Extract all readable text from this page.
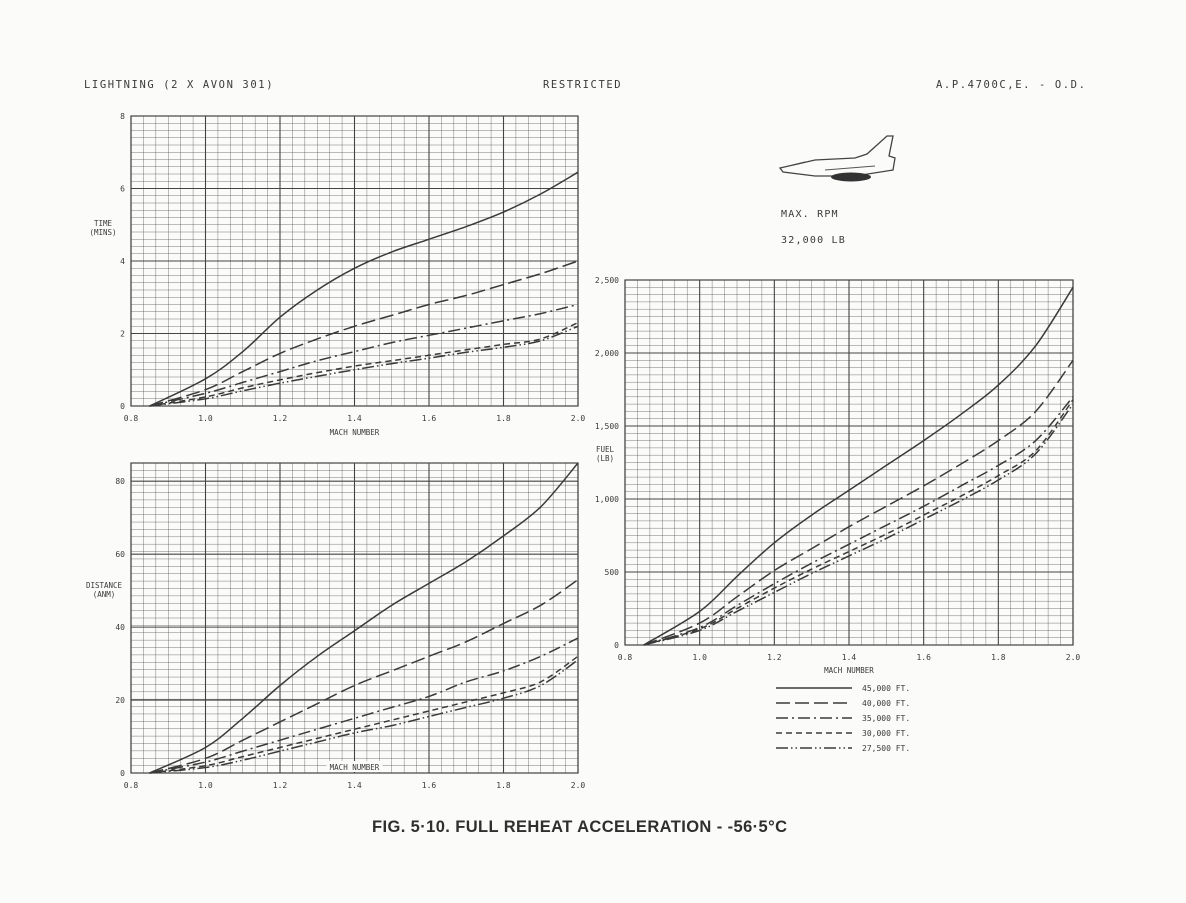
LIGHTNING (2 X AVON 301)	RESTRICTED	A.P.4700C,E. - O.D.
MAX. RPM
32,000 LB
0
2
4
6
8
0.8	1.0	1.2	1.4	1.6	1.8	2.0
MACH NUMBER
TIME (MINS)
0
20
40
60
80
0.8	1.0	1.2	1.4	1.6	1.8	2.0
MACH NUMBER
DISTANCE (ANM)
0
500
1,000
1,500
2,000
2,500
0.8	1.0	1.2	1.4	1.6	1.8	2.0
MACH NUMBER
FUEL (LB)
45,000 FT.
40,000 FT.
35,000 FT.
30,000 FT.
27,500 FT.
FIG. 5·10. FULL REHEAT ACCELERATION - -56·5°C
